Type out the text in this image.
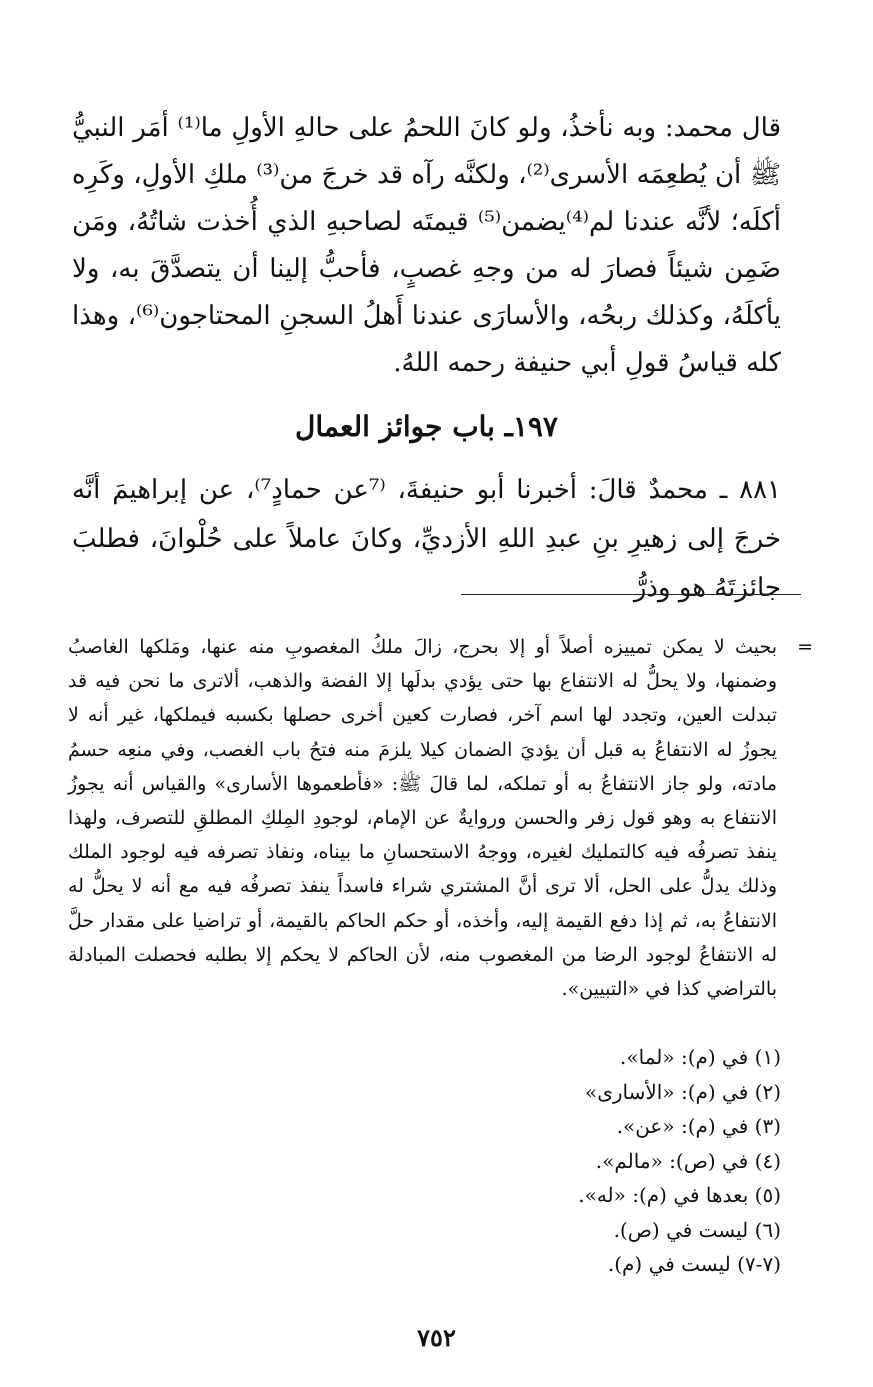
قال محمد: وبه نأخذُ، ولو كانَ اللحمُ على حالهِ الأولِ ما⁽¹⁾ أمَر النبيُّ ﷺ أن يُطعِمَه الأسرى⁽²⁾، ولكنَّه رآه قد خرجَ من⁽³⁾ ملكِ الأولِ، وكَرِه أكلَه؛ لأنَّه عندنا لم⁽⁴⁾يضمن⁽⁵⁾ قيمتَه لصاحبهِ الذي أُخذت شاتُهُ، ومَن ضَمِن شيئاً فصارَ له من وجهِ غصبٍ، فأحبُّ إلينا أن يتصدَّقَ به، ولا يأكلَهُ، وكذلك ربحُه، والأسارَى عندنا أَهلُ السجنِ المحتاجون⁽⁶⁾، وهذا كله قياسُ قولِ أبي حنيفة رحمه اللهُ.

١٩٧ـ باب جوائز العمال

٨٨١ ـ محمدٌ قالَ: أخبرنا أبو حنيفةَ، ⁽⁷عن حمادٍ⁷⁾، عن إبراهيمَ أنَّه خرجَ إلى زهيرِ بنِ عبدِ اللهِ الأزديِّ، وكانَ عاملاً على حُلْوانَ، فطلبَ جائزتَهُ هو وذرُّ

=

بحيث لا يمكن تمييزه أصلاً أو إلا بحرج، زالَ ملكُ المغصوبِ منه عنها، ومَلكها الغاصبُ وضمنها، ولا يحلُّ له الانتفاع بها حتى يؤدي بدلَها إلا الفضة والذهب، ألاترى ما نحن فيه قد تبدلت العين، وتجدد لها اسم آخر، فصارت كعين أخرى حصلها بكسبه فيملكها، غير أنه لا يجوزُ له الانتفاعُ به قبل أن يؤديَ الضمان كيلا يلزمَ منه فتحُ باب الغصب، وفي منعِه حسمُ مادته، ولو جاز الانتفاعُ به أو تملكه، لما قالَ ﷺ: «فأطعموها الأسارى» والقياس أنه يجوزُ الانتفاع به وهو قول زفر والحسن وروايةٌ عن الإمام، لوجودِ المِلكِ المطلقِ للتصرف، ولهذا ينفذ تصرفُه فيه كالتمليك لغيره، ووجهُ الاستحسانِ ما بيناه، ونفاذ تصرفه فيه لوجود الملك وذلك يدلُّ على الحل، ألا ترى أنَّ المشتري شراء فاسداً ينفذ تصرفُه فيه مع أنه لا يحلُّ له الانتفاعُ به، ثم إذا دفع القيمة إليه، وأخذه، أو حكم الحاكم بالقيمة، أو تراضيا على مقدار حلَّ له الانتفاعُ لوجود الرضا من المغصوب منه، لأن الحاكم لا يحكم إلا بطلبه فحصلت المبادلة بالتراضي كذا في «التبيين».

(١) في (م): «لما».
(٢) في (م): «الأسارى»
(٣) في (م): «عن».
(٤) في (ص): «مالم».
(٥) بعدها في (م): «له».
(٦) ليست في (ص).
(٧-٧) ليست في (م).
٧٥٢
